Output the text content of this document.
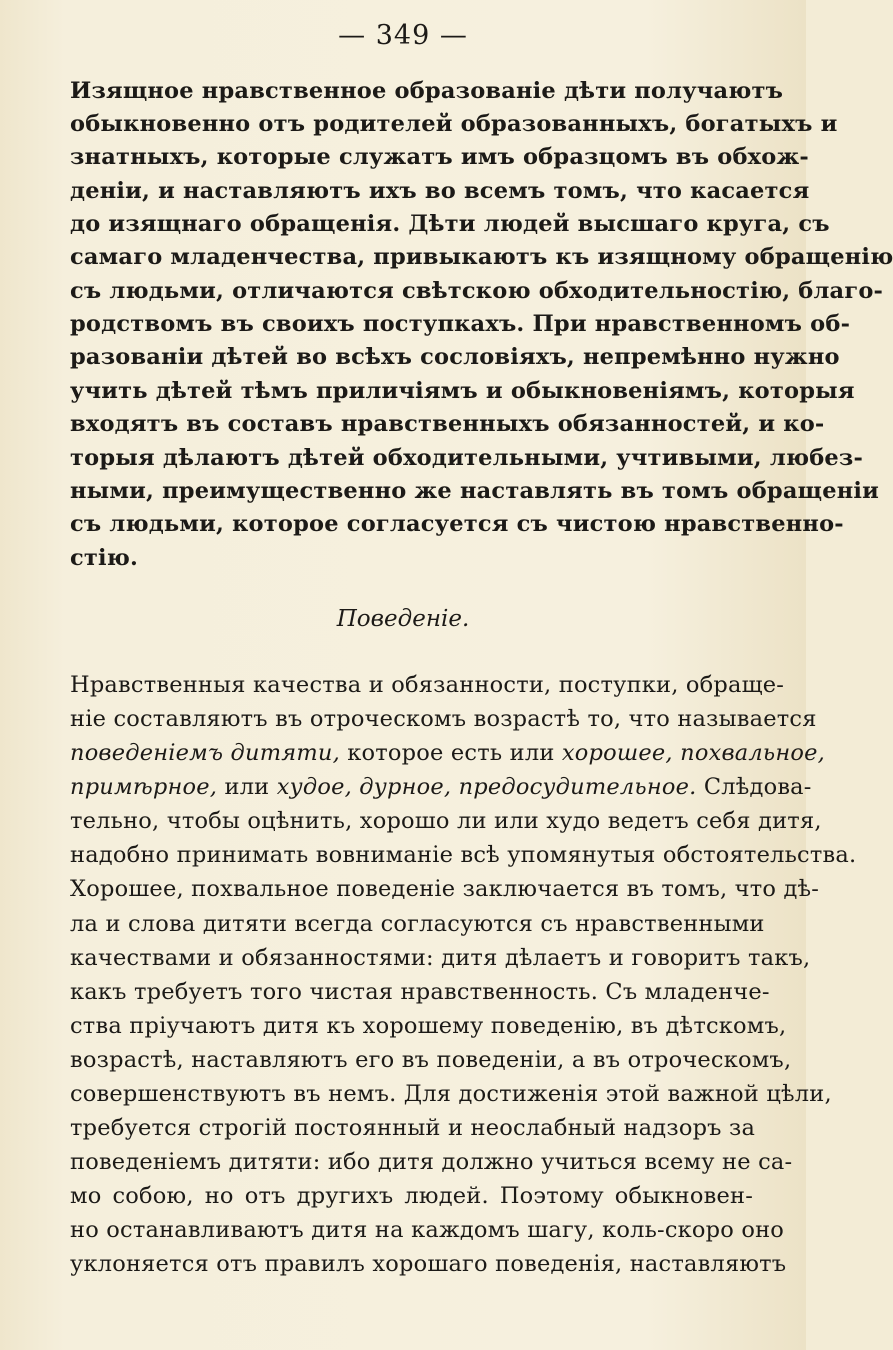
— 349 —
Изящное нравственное образованіе дѣти получаютъ
обыкновенно отъ родителей образованныхъ, богатыхъ и
знатныхъ, которые служатъ имъ образцомъ въ обхож-
деніи, и наставляютъ ихъ во всемъ томъ, что касается
до изящнаго обращенія. Дѣти людей высшаго круга, съ
самаго младенчества, привыкаютъ къ изящному обращенію
съ людьми, отличаются свѣтскою обходительностію, благо-
родствомъ въ своихъ поступкахъ. При нравственномъ об-
разованіи дѣтей во всѣхъ сословіяхъ, непремѣнно нужно
учить дѣтей тѣмъ приличіямъ и обыкновеніямъ, которыя
входятъ въ составъ нравственныхъ обязанностей, и ко-
торыя дѣлаютъ дѣтей обходительными, учтивыми, любез-
ными, преимущественно же наставлять въ томъ обращеніи
съ людьми, которое согласуется съ чистою нравственно-
стію.
Поведеніе.
Нравственныя качества и обязанности, поступки, обраще-
ніе составляютъ въ отроческомъ возрастѣ то, что называется
поведеніемъ дитяти, которое есть или хорошее, похвальное,
примѣрное, или худое, дурное, предосудительное. Слѣдова-
тельно, чтобы оцѣнить, хорошо ли или худо ведетъ себя дитя,
надобно принимать вовниманіе всѣ упомянутыя обстоятельства.
Хорошее, похвальное поведеніе заключается въ томъ, что дѣ-
ла и слова дитяти всегда согласуются съ нравственными
качествами и обязанностями: дитя дѣлаетъ и говоритъ такъ,
какъ требуетъ того чистая нравственность. Съ младенче-
ства пріучаютъ дитя къ хорошему поведенію, въ дѣтскомъ,
возрастѣ, наставляютъ его въ поведеніи, а въ отроческомъ,
совершенствуютъ въ немъ. Для достиженія этой важной цѣли,
требуется строгій постоянный и неослабный надзоръ за
поведеніемъ дитяти: ибо дитя должно учиться всему не са-
мо собою, но отъ другихъ людей. Поэтому обыкновен-
но останавливаютъ дитя на каждомъ шагу, коль-скоро оно
уклоняется отъ правилъ хорошаго поведенія, наставляютъ
